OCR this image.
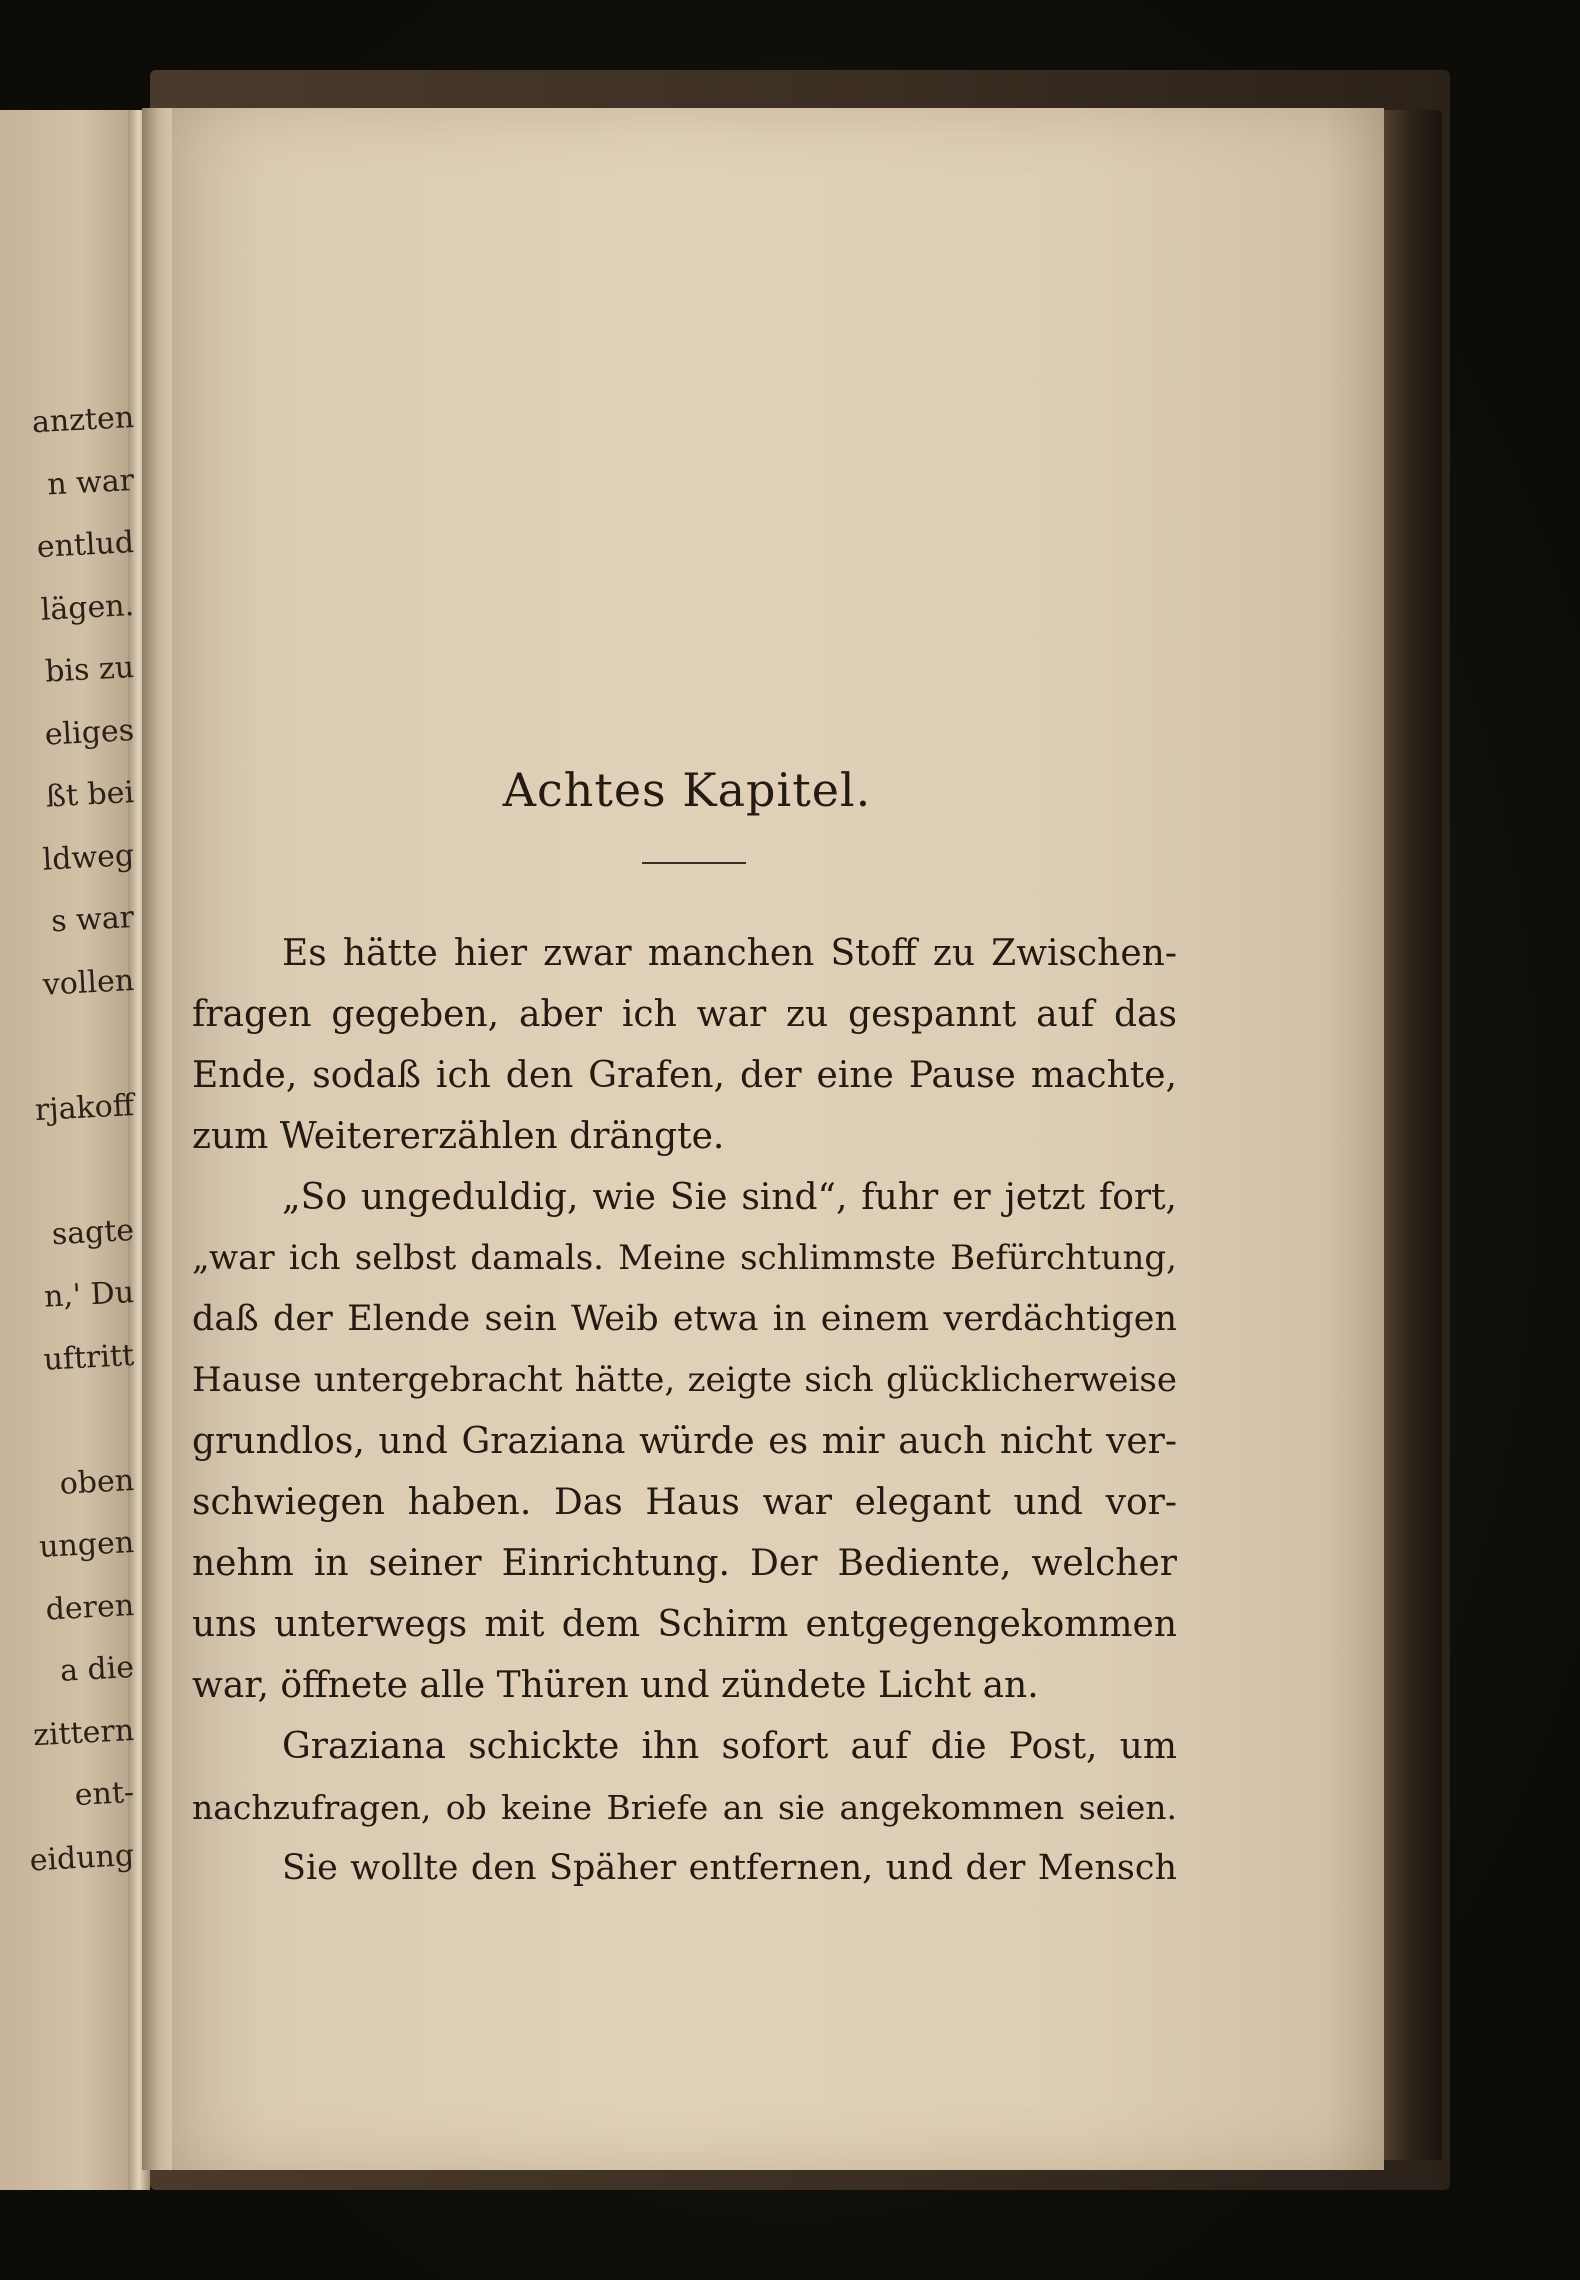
anzten
n war
entlud
lägen.
bis zu
eliges
ßt bei
ldweg
s war
vollen
rjakoff
sagte
n,' Du
uftritt
oben
ungen
deren
a die
zittern
ent-
eidung
Achtes Kapitel.
Es hätte hier zwar manchen Stoff zu Zwischen-
fragen gegeben, aber ich war zu gespannt auf das
Ende, sodaß ich den Grafen, der eine Pause machte,
zum Weitererzählen drängte.
„So ungeduldig, wie Sie sind“, fuhr er jetzt fort,
„war ich selbst damals. Meine schlimmste Befürchtung,
daß der Elende sein Weib etwa in einem verdächtigen
Hause untergebracht hätte, zeigte sich glücklicherweise
grundlos, und Graziana würde es mir auch nicht ver-
schwiegen haben. Das Haus war elegant und vor-
nehm in seiner Einrichtung. Der Bediente, welcher
uns unterwegs mit dem Schirm entgegengekommen
war, öffnete alle Thüren und zündete Licht an.
Graziana schickte ihn sofort auf die Post, um
nachzufragen, ob keine Briefe an sie angekommen seien.
Sie wollte den Späher entfernen, und der Mensch
